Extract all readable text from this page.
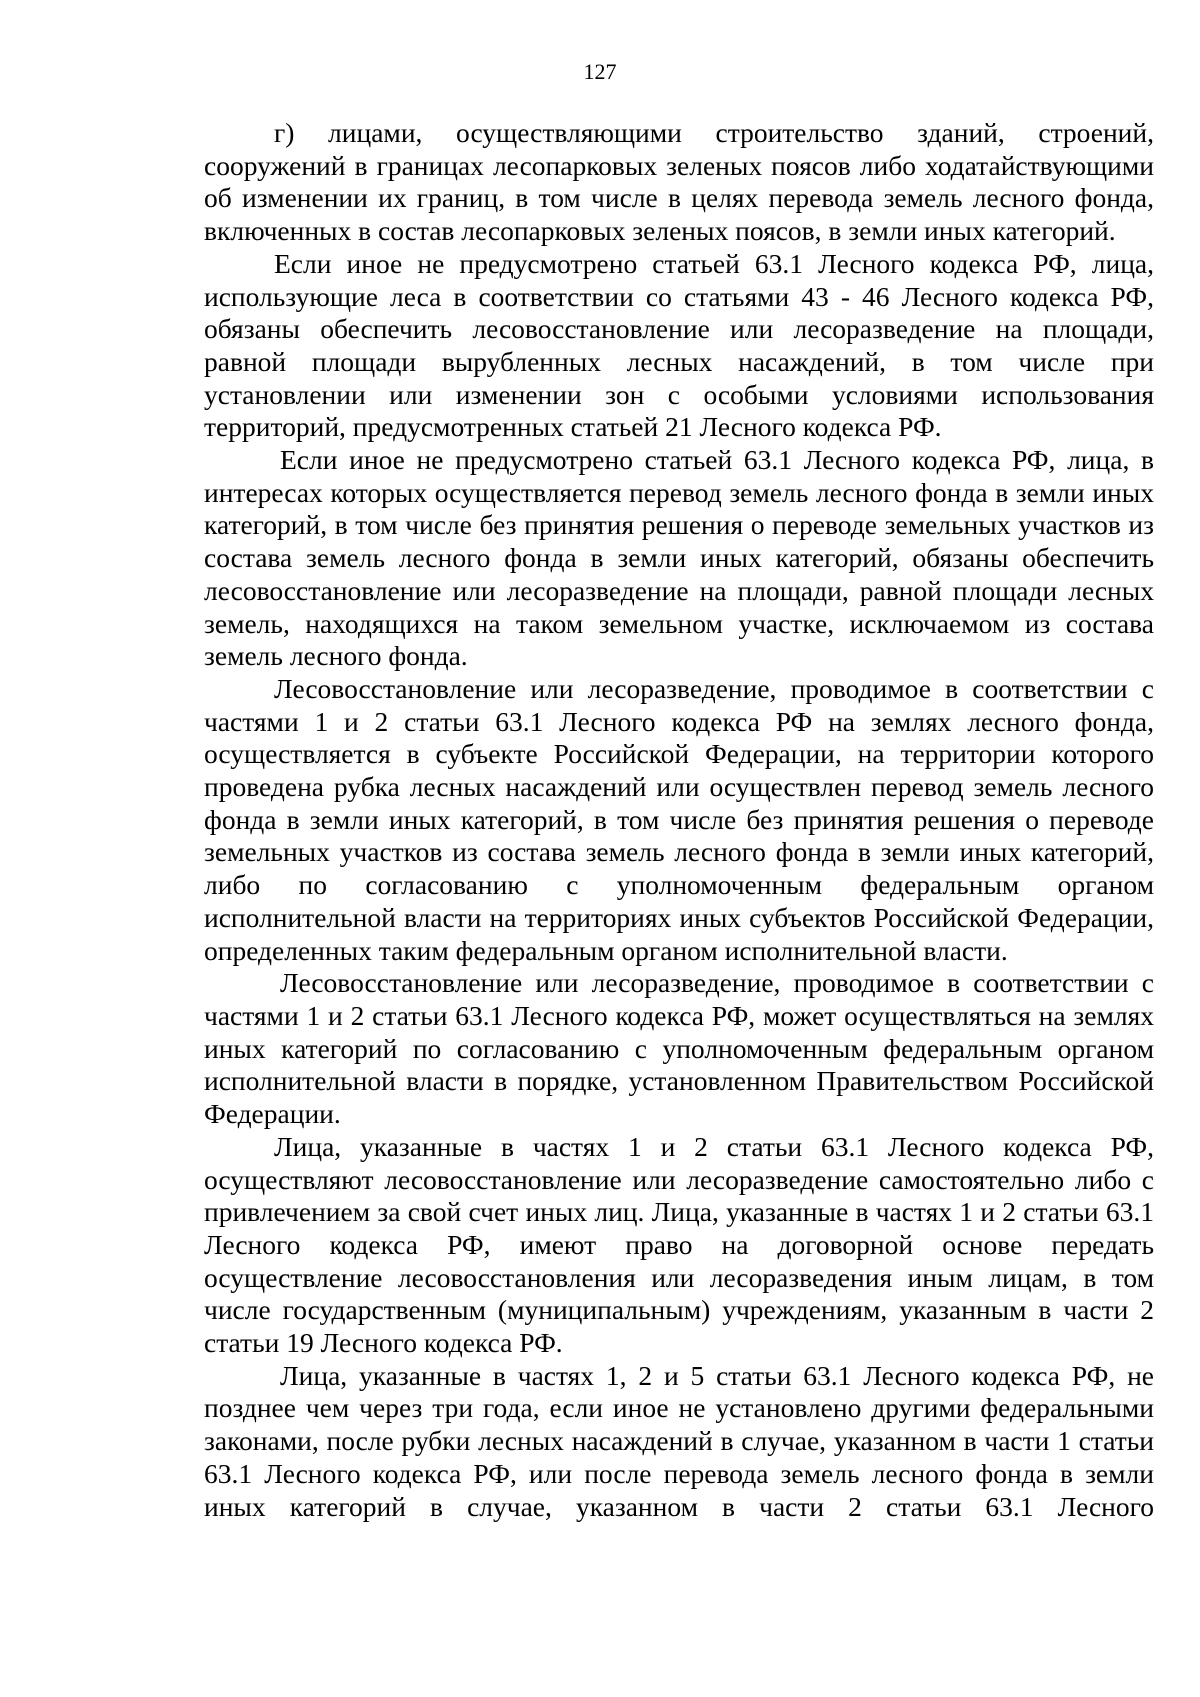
127

г) лицами, осуществляющими строительство зданий, строений, сооружений в границах лесопарковых зеленых поясов либо ходатайствующими об изменении их границ, в том числе в целях перевода земель лесного фонда, включенных в состав лесопарковых зеленых поясов, в земли иных категорий.

Если иное не предусмотрено статьей 63.1 Лесного кодекса РФ, лица, использующие леса в соответствии со статьями 43 - 46 Лесного кодекса РФ, обязаны обеспечить лесовосстановление или лесоразведение на площади, равной площади вырубленных лесных насаждений, в том числе при установлении или изменении зон с особыми условиями использования территорий, предусмотренных статьей 21 Лесного кодекса РФ.

Если иное не предусмотрено статьей 63.1 Лесного кодекса РФ, лица, в интересах которых осуществляется перевод земель лесного фонда в земли иных категорий, в том числе без принятия решения о переводе земельных участков из состава земель лесного фонда в земли иных категорий, обязаны обеспечить лесовосстановление или лесоразведение на площади, равной площади лесных земель, находящихся на таком земельном участке, исключаемом из состава земель лесного фонда.

Лесовосстановление или лесоразведение, проводимое в соответствии с частями 1 и 2 статьи 63.1 Лесного кодекса РФ на землях лесного фонда, осуществляется в субъекте Российской Федерации, на территории которого проведена рубка лесных насаждений или осуществлен перевод земель лесного фонда в земли иных категорий, в том числе без принятия решения о переводе земельных участков из состава земель лесного фонда в земли иных категорий, либо по согласованию с уполномоченным федеральным органом исполнительной власти на территориях иных субъектов Российской Федерации, определенных таким федеральным органом исполнительной власти.

Лесовосстановление или лесоразведение, проводимое в соответствии с частями 1 и 2 статьи 63.1 Лесного кодекса РФ, может осуществляться на землях иных категорий по согласованию с уполномоченным федеральным органом исполнительной власти в порядке, установленном Правительством Российской Федерации.

Лица, указанные в частях 1 и 2 статьи 63.1 Лесного кодекса РФ, осуществляют лесовосстановление или лесоразведение самостоятельно либо с привлечением за свой счет иных лиц. Лица, указанные в частях 1 и 2 статьи 63.1 Лесного кодекса РФ, имеют право на договорной основе передать осуществление лесовосстановления или лесоразведения иным лицам, в том числе государственным (муниципальным) учреждениям, указанным в части 2 статьи 19 Лесного кодекса РФ.

Лица, указанные в частях 1, 2 и 5 статьи 63.1 Лесного кодекса РФ, не позднее чем через три года, если иное не установлено другими федеральными законами, после рубки лесных насаждений в случае, указанном в части 1 статьи 63.1 Лесного кодекса РФ, или после перевода земель лесного фонда в земли иных категорий в случае, указанном в части 2 статьи 63.1 Лесного
